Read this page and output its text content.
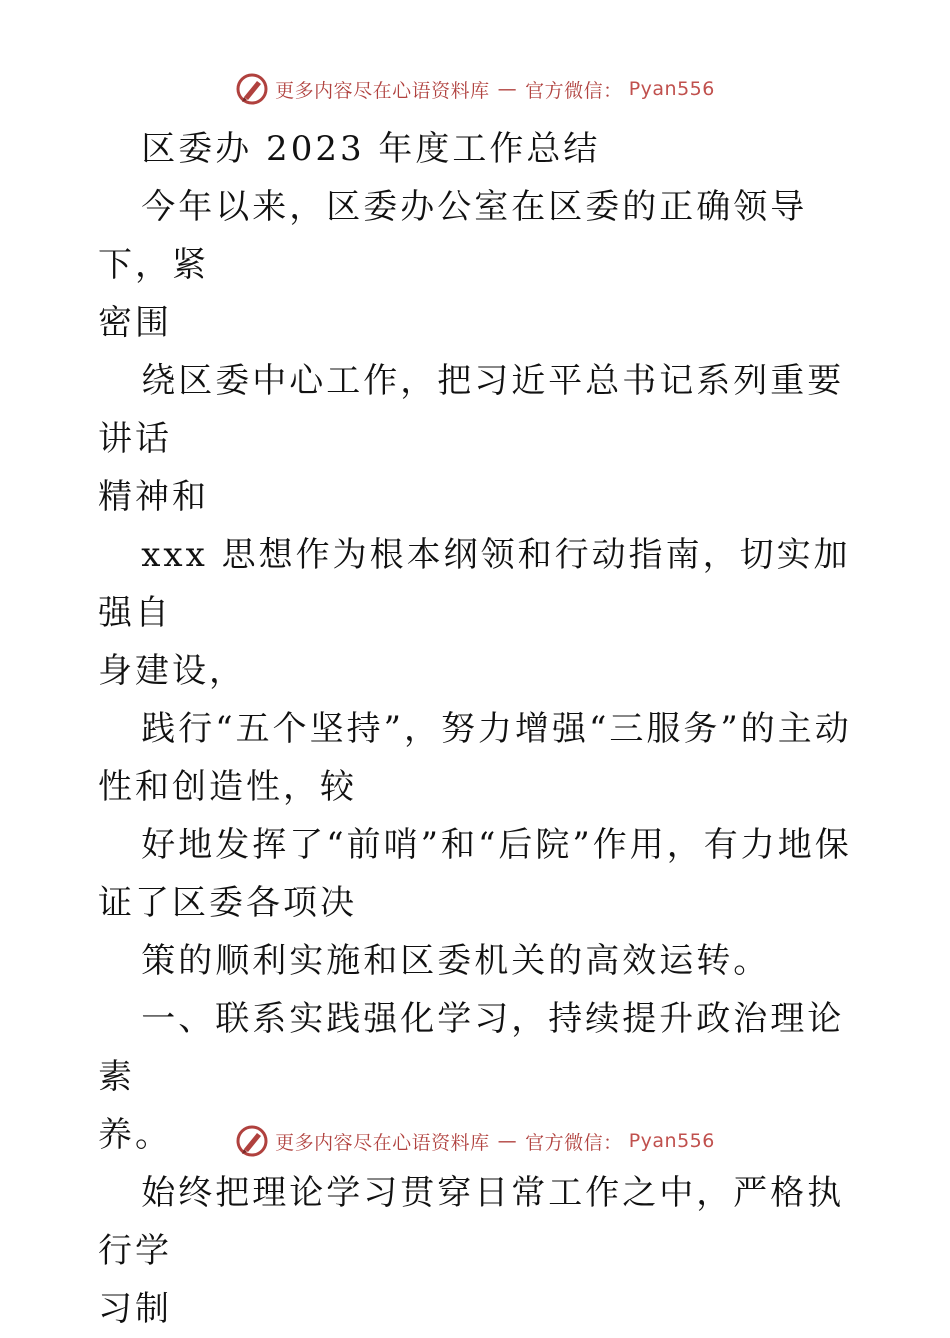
更多内容尽在心语资料库 — 官方微信： Pyan556

区委办 2023 年度工作总结

今年以来，区委办公室在区委的正确领导下，紧

密围

绕区委中心工作，把习近平总书记系列重要讲话

精神和

xxx 思想作为根本纲领和行动指南，切实加强自

身建设，

践行“五个坚持”，努力增强“三服务”的主动

性和创造性，较

好地发挥了“前哨”和“后院”作用，有力地保

证了区委各项决

策的顺利实施和区委机关的高效运转。

一、联系实践强化学习，持续提升政治理论素

养。

始终把理论学习贯穿日常工作之中，严格执行学

习制

更多内容尽在心语资料库 — 官方微信： Pyan556
